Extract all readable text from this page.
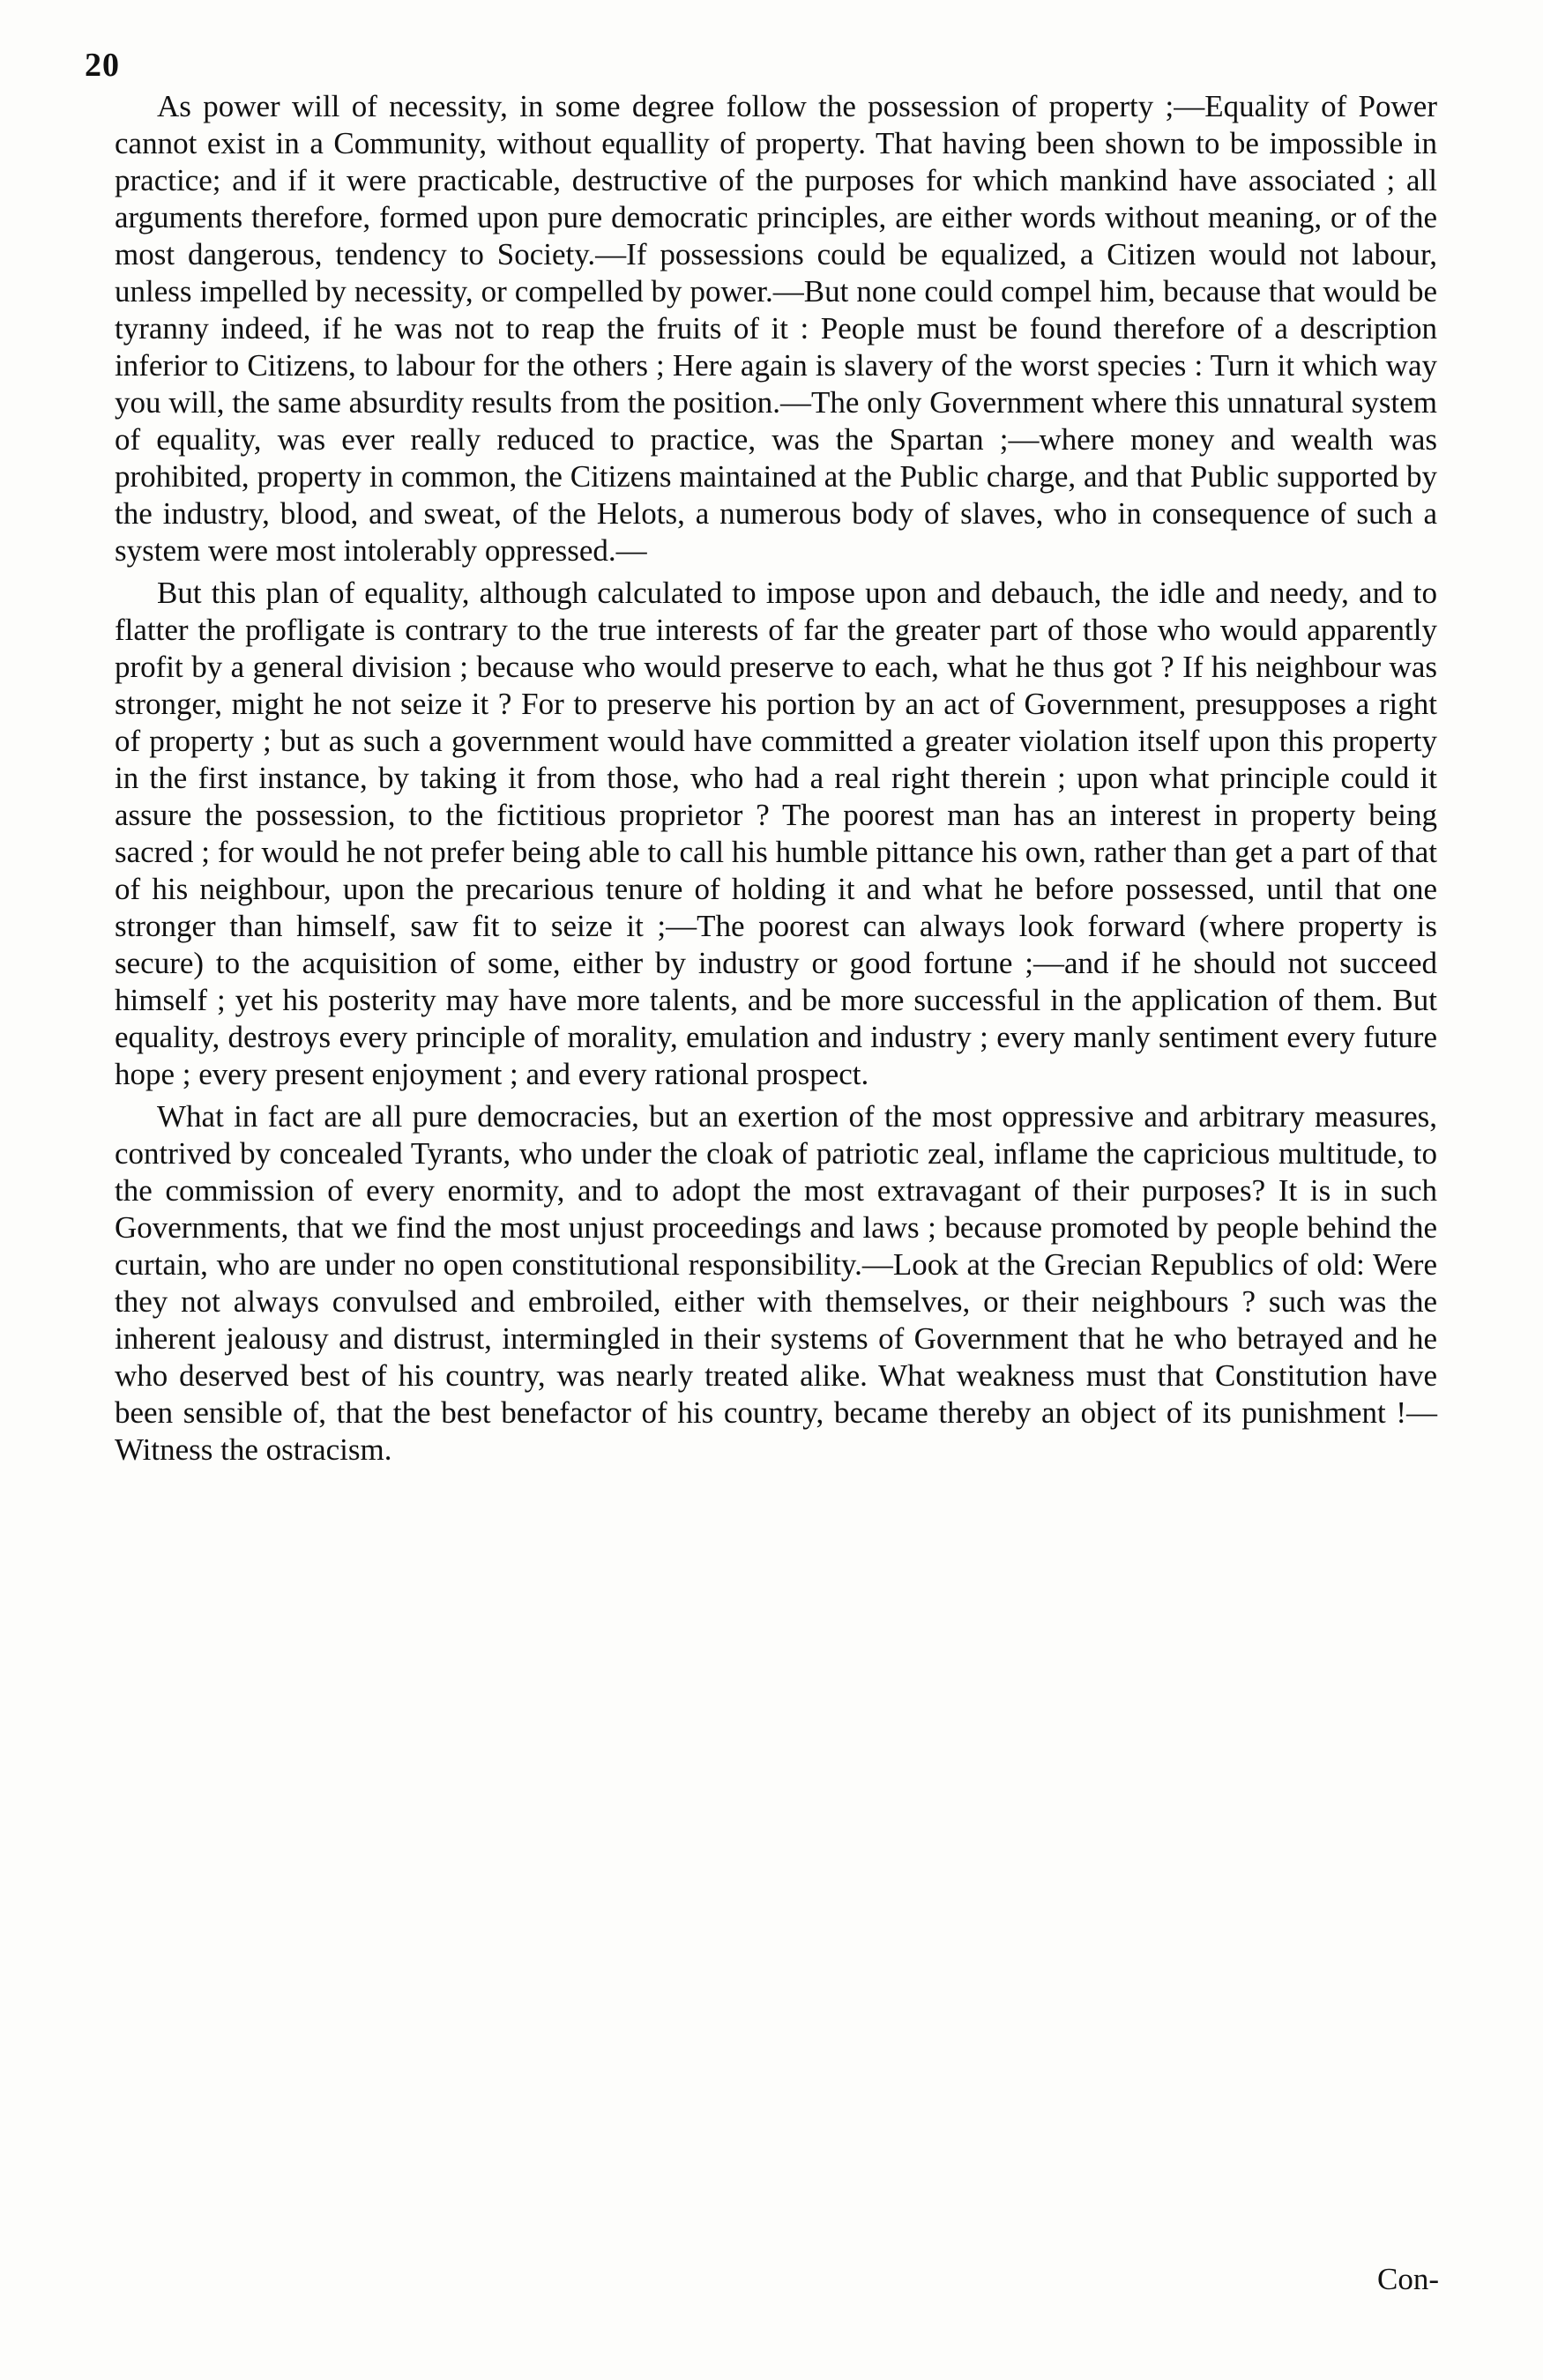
20

As power will of necessity, in some degree follow the possession of property ;—Equality of Power cannot exist in a Community, without equallity of property. That having been shown to be impossible in practice; and if it were practicable, destructive of the purposes for which mankind have associated ; all arguments therefore, formed upon pure democratic principles, are either words without meaning, or of the most dangerous, tendency to Society.—If possessions could be equalized, a Citizen would not labour, unless impelled by necessity, or compelled by power.—But none could compel him, because that would be tyranny indeed, if he was not to reap the fruits of it : People must be found therefore of a description inferior to Citizens, to labour for the others ; Here again is slavery of the worst species : Turn it which way you will, the same absurdity results from the position.—The only Government where this unnatural system of equality, was ever really reduced to practice, was the Spartan ;—where money and wealth was prohibited, property in common, the Citizens maintained at the Public charge, and that Public supported by the industry, blood, and sweat, of the Helots, a numerous body of slaves, who in consequence of such a system were most intolerably oppressed.—

But this plan of equality, although calculated to impose upon and debauch, the idle and needy, and to flatter the profligate is contrary to the true interests of far the greater part of those who would apparently profit by a general division ; because who would preserve to each, what he thus got ? If his neighbour was stronger, might he not seize it ? For to preserve his portion by an act of Government, presupposes a right of property ; but as such a government would have committed a greater violation itself upon this property in the first instance, by taking it from those, who had a real right therein ; upon what principle could it assure the possession, to the fictitious proprietor ? The poorest man has an interest in property being sacred ; for would he not prefer being able to call his humble pittance his own, rather than get a part of that of his neighbour, upon the precarious tenure of holding it and what he before possessed, until that one stronger than himself, saw fit to seize it ;—The poorest can always look forward (where property is secure) to the acquisition of some, either by industry or good fortune ;—and if he should not succeed himself ; yet his posterity may have more talents, and be more successful in the application of them. But equality, destroys every principle of morality, emulation and industry ; every manly sentiment every future hope ; every present enjoyment ; and every rational prospect.

What in fact are all pure democracies, but an exertion of the most oppressive and arbitrary measures, contrived by concealed Tyrants, who under the cloak of patriotic zeal, inflame the capricious multitude, to the commission of every enormity, and to adopt the most extravagant of their purposes? It is in such Governments, that we find the most unjust proceedings and laws ; because promoted by people behind the curtain, who are under no open constitutional responsibility.—Look at the Grecian Republics of old: Were they not always convulsed and embroiled, either with themselves, or their neighbours ? such was the inherent jealousy and distrust, intermingled in their systems of Government that he who betrayed and he who deserved best of his country, was nearly treated alike. What weakness must that Constitution have been sensible of, that the best benefactor of his country, became thereby an object of its punishment !—Witness the ostracism.

Con-
